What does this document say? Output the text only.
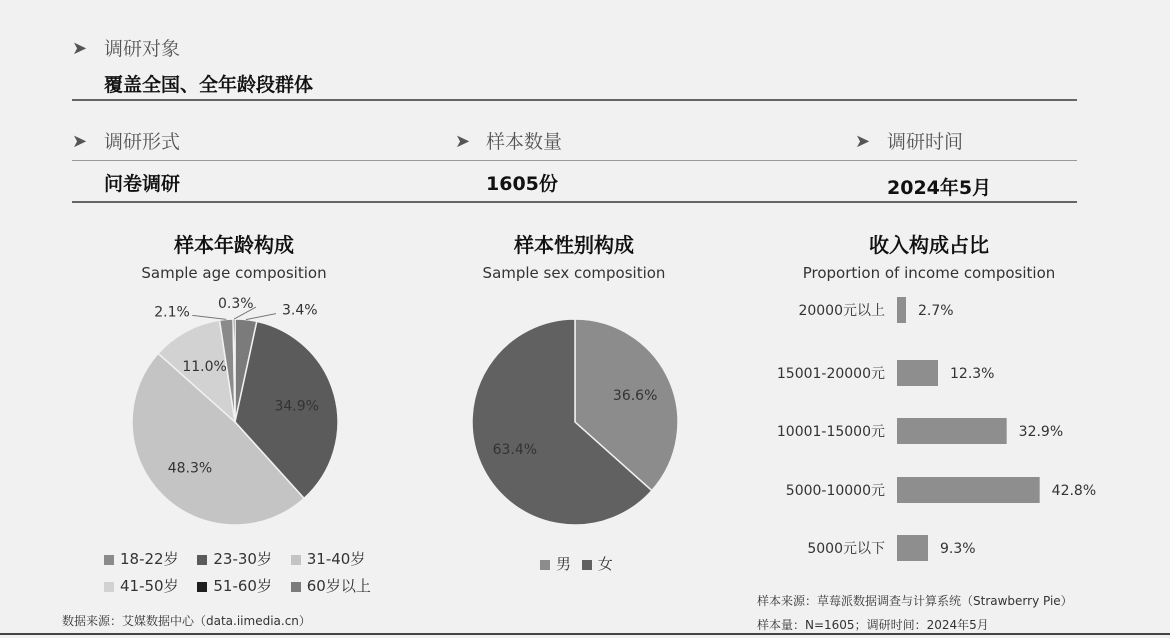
➤ 调研对象
覆盖全国、全年龄段群体
➤ 调研形式	➤ 样本数量	➤ 调研时间
问卷调研	1605份	2024年5月
样本年龄构成
Sample age composition
样本性别构成
Sample sex composition
收入构成占比
Proportion of income composition
3.4%
34.9%
48.3%
11.0%
2.1%
0.3%
36.6%
63.4%
20000元以上
15001-20000元
10001-15000元
5000-10000元
5000元以下
2.7%
12.3%
32.9%
42.8%
9.3%
18-22岁 23-30岁 31-40岁
41-50岁 51-60岁 60岁以上
男 女
数据来源：艾媒数据中心（data.iimedia.cn）
样本来源：草莓派数据调查与计算系统（Strawberry Pie）
样本量：N=1605；调研时间：2024年5月
